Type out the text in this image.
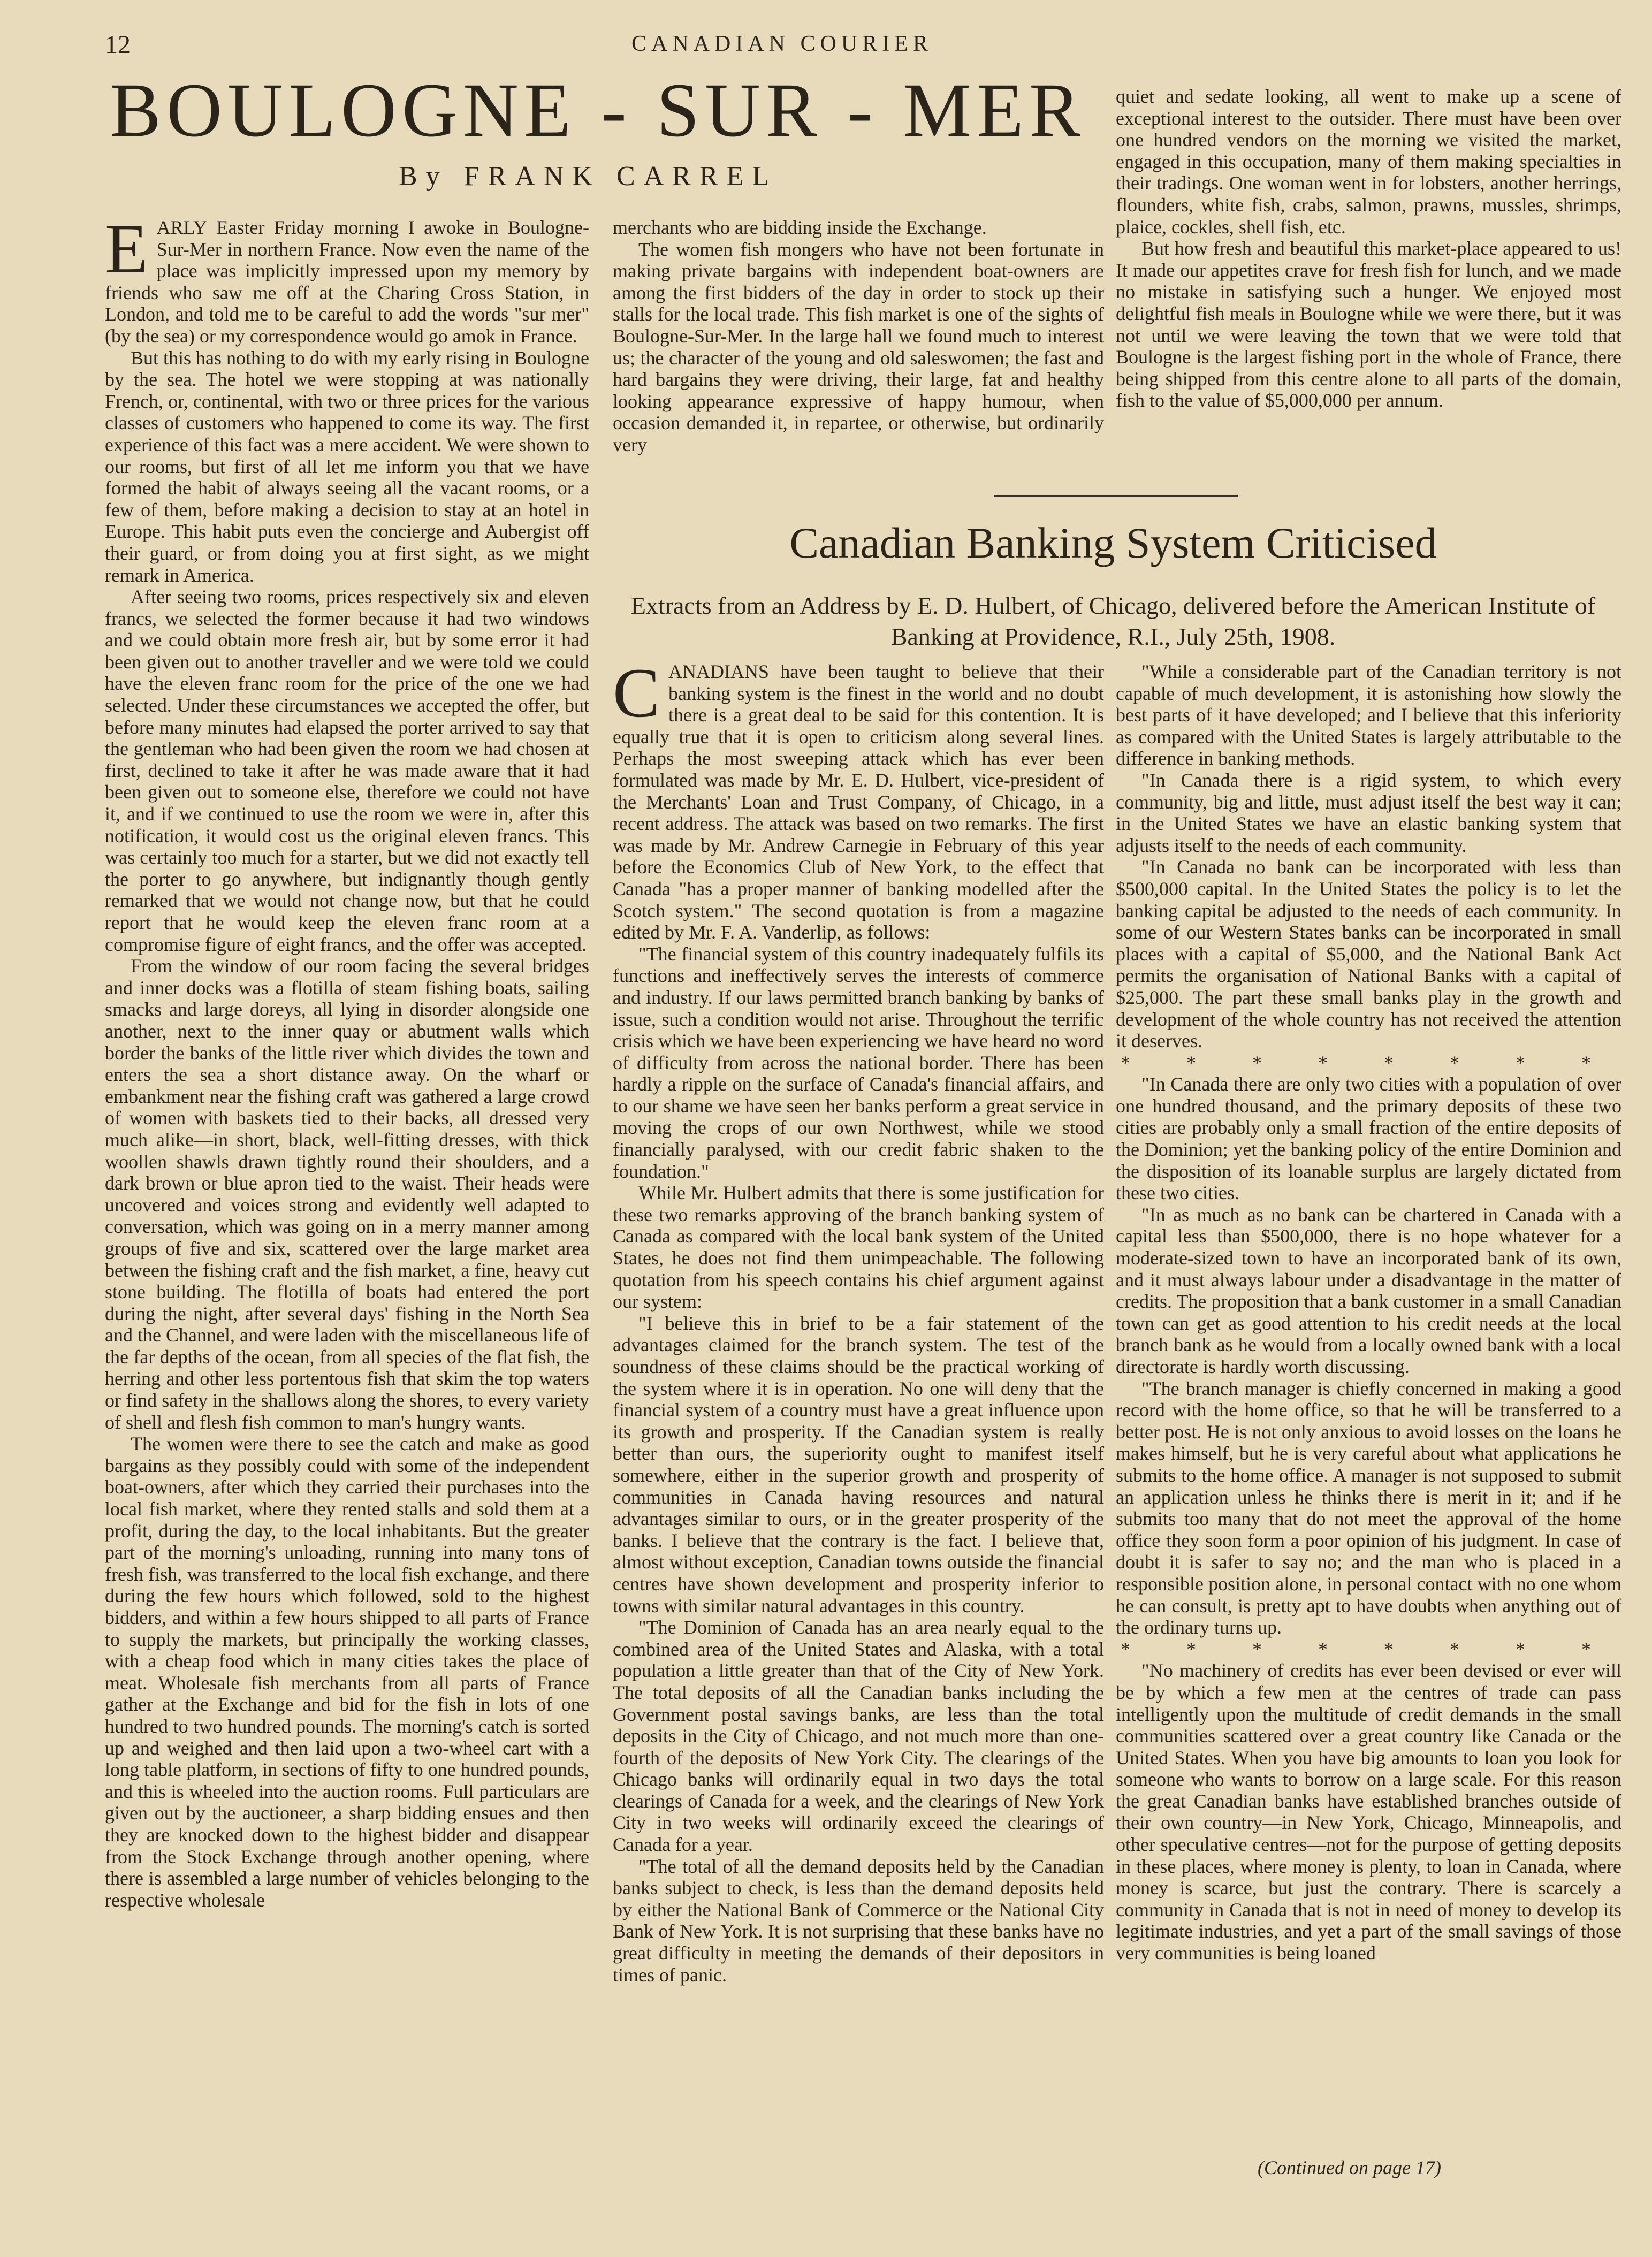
12	CANADIAN COURIER
BOULOGNE - SUR - MER
By FRANK CARREL

EARLY Easter Friday morning I awoke in Boulogne-Sur-Mer in northern France. Now even the name of the place was implicitly impressed upon my memory by friends who saw me off at the Charing Cross Station, in London, and told me to be careful to add the words "sur mer" (by the sea) or my correspondence would go amok in France.

But this has nothing to do with my early rising in Boulogne by the sea. The hotel we were stopping at was nationally French, or, continental, with two or three prices for the various classes of customers who happened to come its way. The first experience of this fact was a mere accident. We were shown to our rooms, but first of all let me inform you that we have formed the habit of always seeing all the vacant rooms, or a few of them, before making a decision to stay at an hotel in Europe. This habit puts even the concierge and Aubergist off their guard, or from doing you at first sight, as we might remark in America.

After seeing two rooms, prices respectively six and eleven francs, we selected the former because it had two windows and we could obtain more fresh air, but by some error it had been given out to another traveller and we were told we could have the eleven franc room for the price of the one we had selected. Under these circumstances we accepted the offer, but before many minutes had elapsed the porter arrived to say that the gentleman who had been given the room we had chosen at first, declined to take it after he was made aware that it had been given out to someone else, therefore we could not have it, and if we continued to use the room we were in, after this notification, it would cost us the original eleven francs. This was certainly too much for a starter, but we did not exactly tell the porter to go anywhere, but indignantly though gently remarked that we would not change now, but that he could report that he would keep the eleven franc room at a compromise figure of eight francs, and the offer was accepted.

From the window of our room facing the several bridges and inner docks was a flotilla of steam fishing boats, sailing smacks and large doreys, all lying in disorder alongside one another, next to the inner quay or abutment walls which border the banks of the little river which divides the town and enters the sea a short distance away. On the wharf or embankment near the fishing craft was gathered a large crowd of women with baskets tied to their backs, all dressed very much alike—in short, black, well-fitting dresses, with thick woollen shawls drawn tightly round their shoulders, and a dark brown or blue apron tied to the waist. Their heads were uncovered and voices strong and evidently well adapted to conversation, which was going on in a merry manner among groups of five and six, scattered over the large market area between the fishing craft and the fish market, a fine, heavy cut stone building. The flotilla of boats had entered the port during the night, after several days' fishing in the North Sea and the Channel, and were laden with the miscellaneous life of the far depths of the ocean, from all species of the flat fish, the herring and other less portentous fish that skim the top waters or find safety in the shallows along the shores, to every variety of shell and flesh fish common to man's hungry wants.

The women were there to see the catch and make as good bargains as they possibly could with some of the independent boat-owners, after which they carried their purchases into the local fish market, where they rented stalls and sold them at a profit, during the day, to the local inhabitants. But the greater part of the morning's unloading, running into many tons of fresh fish, was transferred to the local fish exchange, and there during the few hours which followed, sold to the highest bidders, and within a few hours shipped to all parts of France to supply the markets, but principally the working classes, with a cheap food which in many cities takes the place of meat. Wholesale fish merchants from all parts of France gather at the Exchange and bid for the fish in lots of one hundred to two hundred pounds. The morning's catch is sorted up and weighed and then laid upon a two-wheel cart with a long table platform, in sections of fifty to one hundred pounds, and this is wheeled into the auction rooms. Full particulars are given out by the auctioneer, a sharp bidding ensues and then they are knocked down to the highest bidder and disappear from the Stock Exchange through another opening, where there is assembled a large number of vehicles belonging to the respective wholesale

merchants who are bidding inside the Exchange.

The women fish mongers who have not been fortunate in making private bargains with independent boat-owners are among the first bidders of the day in order to stock up their stalls for the local trade. This fish market is one of the sights of Boulogne-Sur-Mer. In the large hall we found much to interest us; the character of the young and old saleswomen; the fast and hard bargains they were driving, their large, fat and healthy looking appearance expressive of happy humour, when occasion demanded it, in repartee, or otherwise, but ordinarily very

quiet and sedate looking, all went to make up a scene of exceptional interest to the outsider. There must have been over one hundred vendors on the morning we visited the market, engaged in this occupation, many of them making specialties in their tradings. One woman went in for lobsters, another herrings, flounders, white fish, crabs, salmon, prawns, mussles, shrimps, plaice, cockles, shell fish, etc.

But how fresh and beautiful this market-place appeared to us! It made our appetites crave for fresh fish for lunch, and we made no mistake in satisfying such a hunger. We enjoyed most delightful fish meals in Boulogne while we were there, but it was not until we were leaving the town that we were told that Boulogne is the largest fishing port in the whole of France, there being shipped from this centre alone to all parts of the domain, fish to the value of $5,000,000 per annum.

Canadian Banking System Criticised
Extracts from an Address by E. D. Hulbert, of Chicago, delivered before the American Institute of Banking at Providence, R.I., July 25th, 1908.

CANADIANS have been taught to believe that their banking system is the finest in the world and no doubt there is a great deal to be said for this contention. It is equally true that it is open to criticism along several lines. Perhaps the most sweeping attack which has ever been formulated was made by Mr. E. D. Hulbert, vice-president of the Merchants' Loan and Trust Company, of Chicago, in a recent address. The attack was based on two remarks. The first was made by Mr. Andrew Carnegie in February of this year before the Economics Club of New York, to the effect that Canada "has a proper manner of banking modelled after the Scotch system." The second quotation is from a magazine edited by Mr. F. A. Vanderlip, as follows:

"The financial system of this country inadequately fulfils its functions and ineffectively serves the interests of commerce and industry. If our laws permitted branch banking by banks of issue, such a condition would not arise. Throughout the terrific crisis which we have been experiencing we have heard no word of difficulty from across the national border. There has been hardly a ripple on the surface of Canada's financial affairs, and to our shame we have seen her banks perform a great service in moving the crops of our own Northwest, while we stood financially paralysed, with our credit fabric shaken to the foundation."

While Mr. Hulbert admits that there is some justification for these two remarks approving of the branch banking system of Canada as compared with the local bank system of the United States, he does not find them unimpeachable. The following quotation from his speech contains his chief argument against our system:

"I believe this in brief to be a fair statement of the advantages claimed for the branch system. The test of the soundness of these claims should be the practical working of the system where it is in operation. No one will deny that the financial system of a country must have a great influence upon its growth and prosperity. If the Canadian system is really better than ours, the superiority ought to manifest itself somewhere, either in the superior growth and prosperity of communities in Canada having resources and natural advantages similar to ours, or in the greater prosperity of the banks. I believe that the contrary is the fact. I believe that, almost without exception, Canadian towns outside the financial centres have shown development and prosperity inferior to towns with similar natural advantages in this country.

"The Dominion of Canada has an area nearly equal to the combined area of the United States and Alaska, with a total population a little greater than that of the City of New York. The total deposits of all the Canadian banks including the Government postal savings banks, are less than the total deposits in the City of Chicago, and not much more than one-fourth of the deposits of New York City. The clearings of the Chicago banks will ordinarily equal in two days the total clearings of Canada for a week, and the clearings of New York City in two weeks will ordinarily exceed the clearings of Canada for a year.

"The total of all the demand deposits held by the Canadian banks subject to check, is less than the demand deposits held by either the National Bank of Commerce or the National City Bank of New York. It is not surprising that these banks have no great difficulty in meeting the demands of their depositors in times of panic.

"While a considerable part of the Canadian territory is not capable of much development, it is astonishing how slowly the best parts of it have developed; and I believe that this inferiority as compared with the United States is largely attributable to the difference in banking methods.

"In Canada there is a rigid system, to which every community, big and little, must adjust itself the best way it can; in the United States we have an elastic banking system that adjusts itself to the needs of each community.

"In Canada no bank can be incorporated with less than $500,000 capital. In the United States the policy is to let the banking capital be adjusted to the needs of each community. In some of our Western States banks can be incorporated in small places with a capital of $5,000, and the National Bank Act permits the organisation of National Banks with a capital of $25,000. The part these small banks play in the growth and development of the whole country has not received the attention it deserves.

* * * * * * * *

"In Canada there are only two cities with a population of over one hundred thousand, and the primary deposits of these two cities are probably only a small fraction of the entire deposits of the Dominion; yet the banking policy of the entire Dominion and the disposition of its loanable surplus are largely dictated from these two cities.

"In as much as no bank can be chartered in Canada with a capital less than $500,000, there is no hope whatever for a moderate-sized town to have an incorporated bank of its own, and it must always labour under a disadvantage in the matter of credits. The proposition that a bank customer in a small Canadian town can get as good attention to his credit needs at the local branch bank as he would from a locally owned bank with a local directorate is hardly worth discussing.

"The branch manager is chiefly concerned in making a good record with the home office, so that he will be transferred to a better post. He is not only anxious to avoid losses on the loans he makes himself, but he is very careful about what applications he submits to the home office. A manager is not supposed to submit an application unless he thinks there is merit in it; and if he submits too many that do not meet the approval of the home office they soon form a poor opinion of his judgment. In case of doubt it is safer to say no; and the man who is placed in a responsible position alone, in personal contact with no one whom he can consult, is pretty apt to have doubts when anything out of the ordinary turns up.

* * * * * * * *

"No machinery of credits has ever been devised or ever will be by which a few men at the centres of trade can pass intelligently upon the multitude of credit demands in the small communities scattered over a great country like Canada or the United States. When you have big amounts to loan you look for someone who wants to borrow on a large scale. For this reason the great Canadian banks have established branches outside of their own country—in New York, Chicago, Minneapolis, and other speculative centres—not for the purpose of getting deposits in these places, where money is plenty, to loan in Canada, where money is scarce, but just the contrary. There is scarcely a community in Canada that is not in need of money to develop its legitimate industries, and yet a part of the small savings of those very communities is being loaned

(Continued on page 17)
